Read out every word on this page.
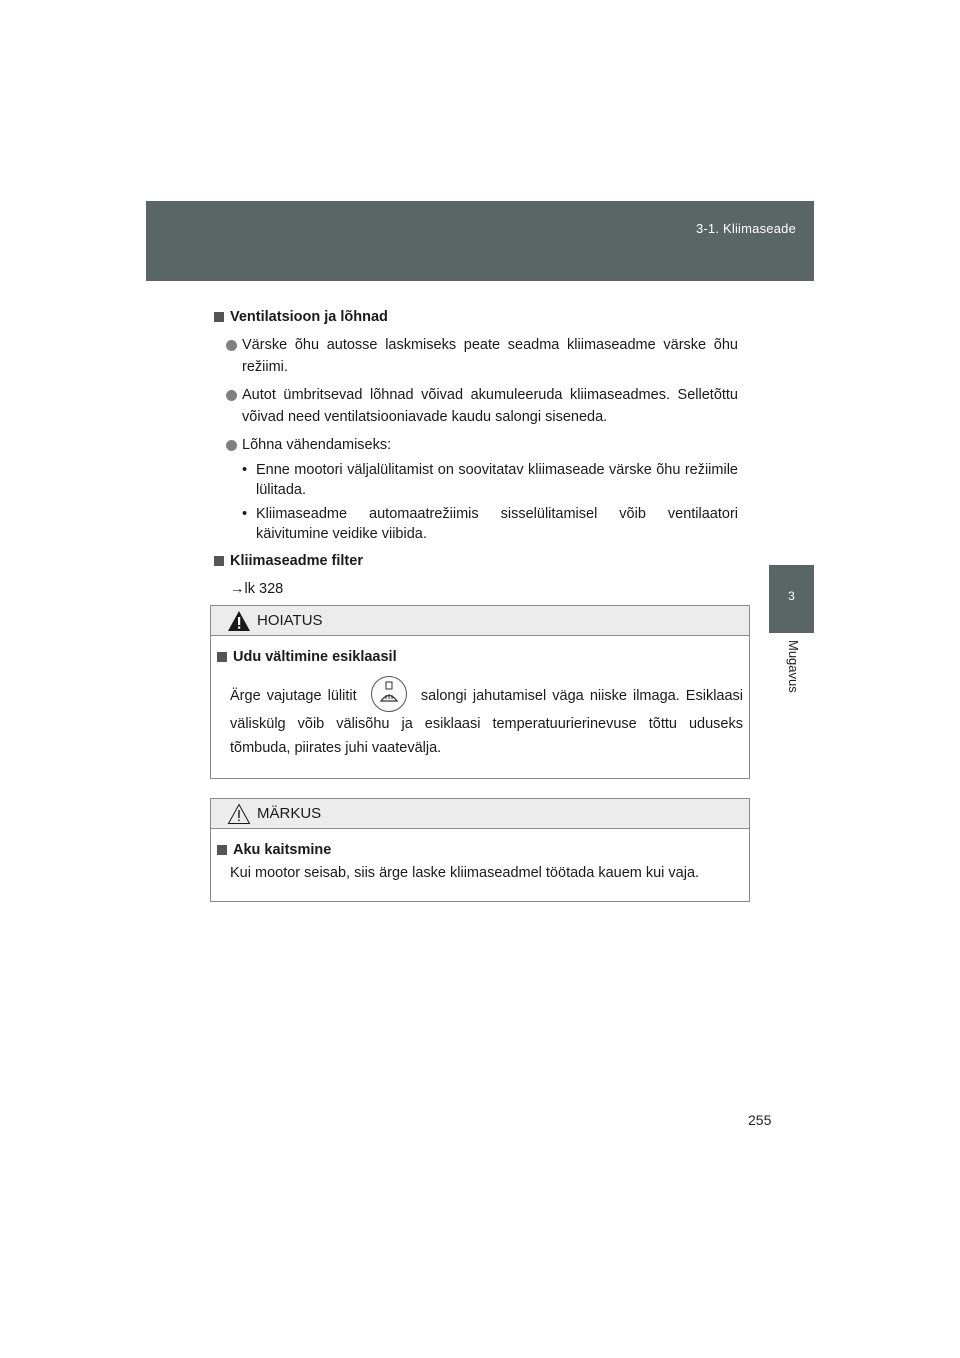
3-1. Kliimaseade
3
Mugavus
Ventilatsioon ja lõhnad
Värske õhu autosse laskmiseks peate seadma kliimaseadme värske õhu režiimi.
Autot ümbritsevad lõhnad võivad akumuleeruda kliimaseadmes. Selletõttu võivad need ventilatsiooniavade kaudu salongi siseneda.
Lõhna vähendamiseks:
• Enne mootori väljalülitamist on soovitatav kliimaseade värske õhu režiimile lülitada.
• Kliimaseadme automaatrežiimis sisselülitamisel võib ventilaatori käivitumine veidike viibida.
Kliimaseadme filter
→lk 328
HOIATUS
Udu vältimine esiklaasil
Ärge vajutage lülitit	salongi jahutamisel väga niiske ilmaga. Esiklaasi väliskülg võib välisõhu ja esiklaasi temperatuurierinevuse tõttu uduseks tõmbuda, piirates juhi vaatevälja.
MÄRKUS
Aku kaitsmine
Kui mootor seisab, siis ärge laske kliimaseadmel töötada kauem kui vaja.
255
